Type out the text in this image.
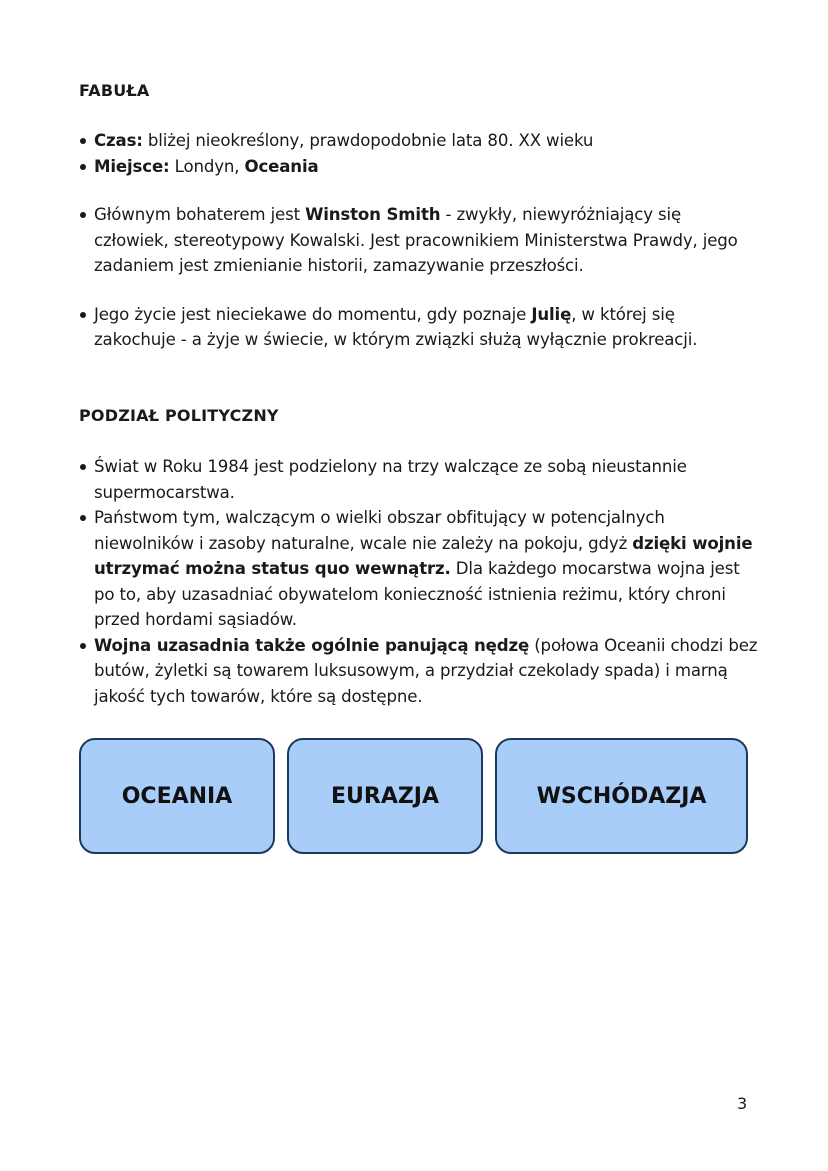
FABUŁA
Czas: bliżej nieokreślony, prawdopodobnie lata 80. XX wieku
Miejsce: Londyn, Oceania
Głównym bohaterem jest Winston Smith - zwykły, niewyróżniający się człowiek, stereotypowy Kowalski. Jest pracownikiem Ministerstwa Prawdy, jego zadaniem jest zmienianie historii, zamazywanie przeszłości.
Jego życie jest nieciekawe do momentu, gdy poznaje Julię, w której się zakochuje - a żyje w świecie, w którym związki służą wyłącznie prokreacji.
PODZIAŁ POLITYCZNY
Świat w Roku 1984 jest podzielony na trzy walczące ze sobą nieustannie supermocarstwa.
Państwom tym, walczącym o wielki obszar obfitujący w potencjalnych niewolników i zasoby naturalne, wcale nie zależy na pokoju, gdyż dzięki wojnie utrzymać można status quo wewnątrz. Dla każdego mocarstwa wojna jest po to, aby uzasadniać obywatelom konieczność istnienia reżimu, który chroni przed hordami sąsiadów.
Wojna uzasadnia także ogólnie panującą nędzę (połowa Oceanii chodzi bez butów, żyletki są towarem luksusowym, a przydział czekolady spada) i marną jakość tych towarów, które są dostępne.
OCEANIA	EURAZJA	WSCHÓDAZJA
3
